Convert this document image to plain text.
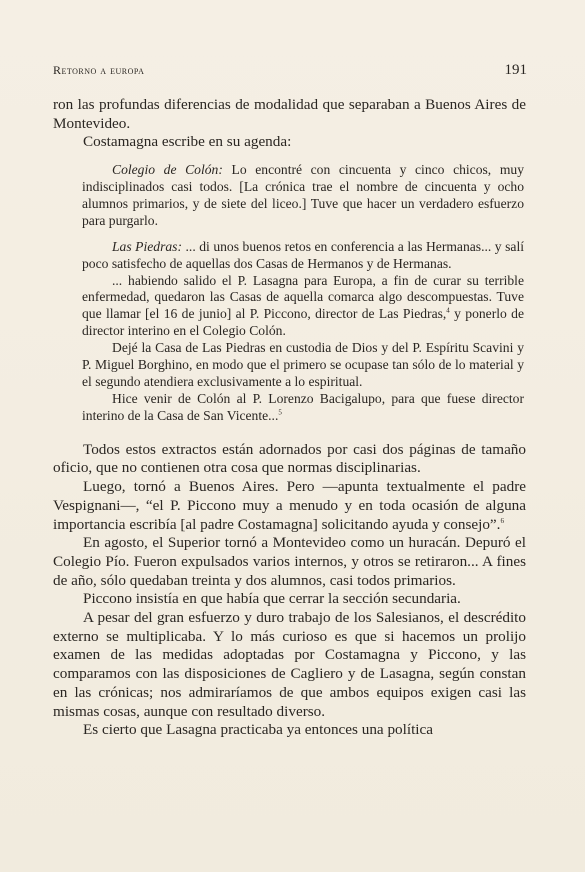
Retorno a europa	191

ron las profundas diferencias de modalidad que separaban a Buenos Aires de Montevideo.

Costamagna escribe en su agenda:

Colegio de Colón: Lo encontré con cincuenta y cinco chicos, muy indisciplinados casi todos. [La crónica trae el nombre de cincuenta y ocho alumnos primarios, y de siete del liceo.] Tuve que hacer un verdadero esfuerzo para purgarlo.

Las Piedras: ... di unos buenos retos en conferencia a las Hermanas... y salí poco satisfecho de aquellas dos Casas de Hermanos y de Hermanas.

... habiendo salido el P. Lasagna para Europa, a fin de curar su terrible enfermedad, quedaron las Casas de aquella comarca algo descompuestas. Tuve que llamar [el 16 de junio] al P. Piccono, director de Las Piedras,$^4$ y ponerlo de director interino en el Colegio Colón.

Dejé la Casa de Las Piedras en custodia de Dios y del P. Espíritu Scavini y P. Miguel Borghino, en modo que el primero se ocupase tan sólo de lo material y el segundo atendiera exclusivamente a lo espiritual.

Hice venir de Colón al P. Lorenzo Bacigalupo, para que fuese director interino de la Casa de San Vicente...$^5$

Todos estos extractos están adornados por casi dos páginas de tamaño oficio, que no contienen otra cosa que normas disciplinarias.

Luego, tornó a Buenos Aires. Pero —apunta textualmente el padre Vespignani—, “el P. Piccono muy a menudo y en toda ocasión de alguna importancia escribía [al padre Costamagna] solicitando ayuda y consejo”.$^6$

En agosto, el Superior tornó a Montevideo como un huracán. Depuró el Colegio Pío. Fueron expulsados varios internos, y otros se retiraron... A fines de año, sólo quedaban treinta y dos alumnos, casi todos primarios.

Piccono insistía en que había que cerrar la sección secundaria.

A pesar del gran esfuerzo y duro trabajo de los Salesianos, el descrédito externo se multiplicaba. Y lo más curioso es que si hacemos un prolijo examen de las medidas adoptadas por Costamagna y Piccono, y las comparamos con las disposiciones de Cagliero y de Lasagna, según constan en las crónicas; nos admiraríamos de que ambos equipos exigen casi las mismas cosas, aunque con resultado diverso.

Es cierto que Lasagna practicaba ya entonces una política
